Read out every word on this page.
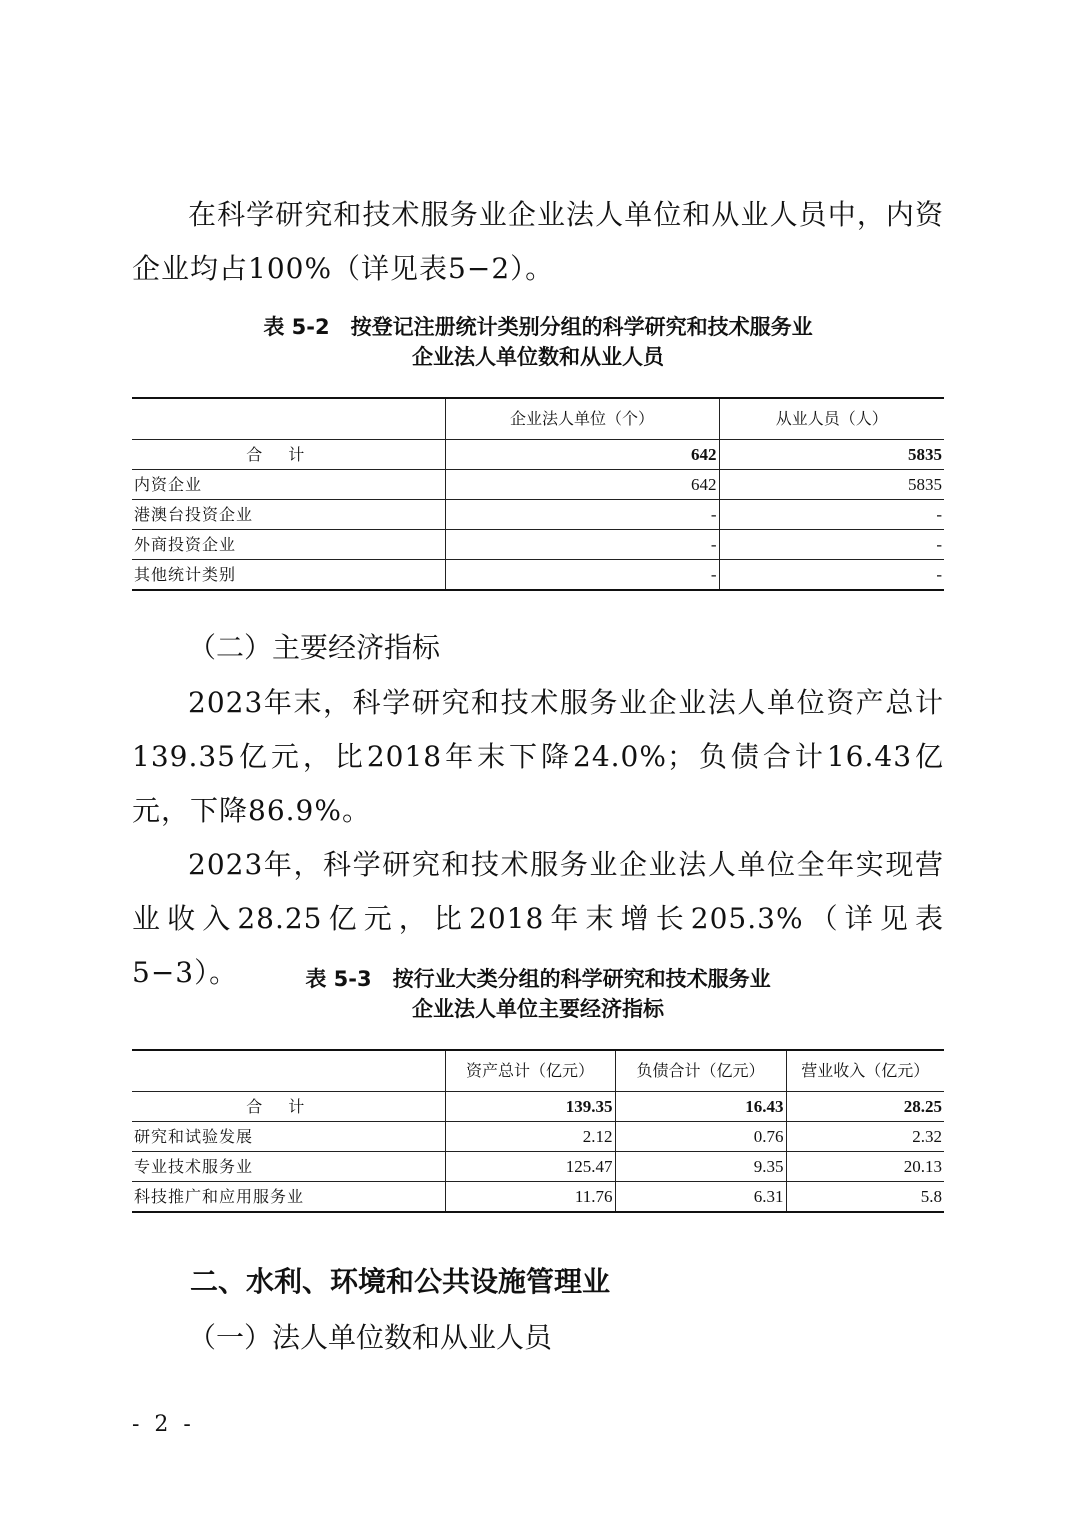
在科学研究和技术服务业企业法人单位和从业人员中，内资企业均占100%（详见表5−2）。

表 5-2　按登记注册统计类别分组的科学研究和技术服务业
企业法人单位数和从业人员
	企业法人单位（个）	从业人员（人）
合计	642	5835
内资企业	642	5835
港澳台投资企业	-	-
外商投资企业	-	-
其他统计类别	-	-

（二）主要经济指标

2023年末，科学研究和技术服务业企业法人单位资产总计139.35亿元，比2018年末下降24.0%；负债合计16.43亿元，下降86.9%。

2023年，科学研究和技术服务业企业法人单位全年实现营业收入28.25亿元，比2018年末增长205.3%（详见表5−3）。	表 5-3　按行业大类分组的科学研究和技术服务业
企业法人单位主要经济指标
	资产总计（亿元）	负债合计（亿元）	营业收入（亿元）
合计	139.35	16.43	28.25
研究和试验发展	2.12	0.76	2.32
专业技术服务业	125.47	9.35	20.13
科技推广和应用服务业	11.76	6.31	5.8

二、水利、环境和公共设施管理业

（一）法人单位数和从业人员

- 2 -
